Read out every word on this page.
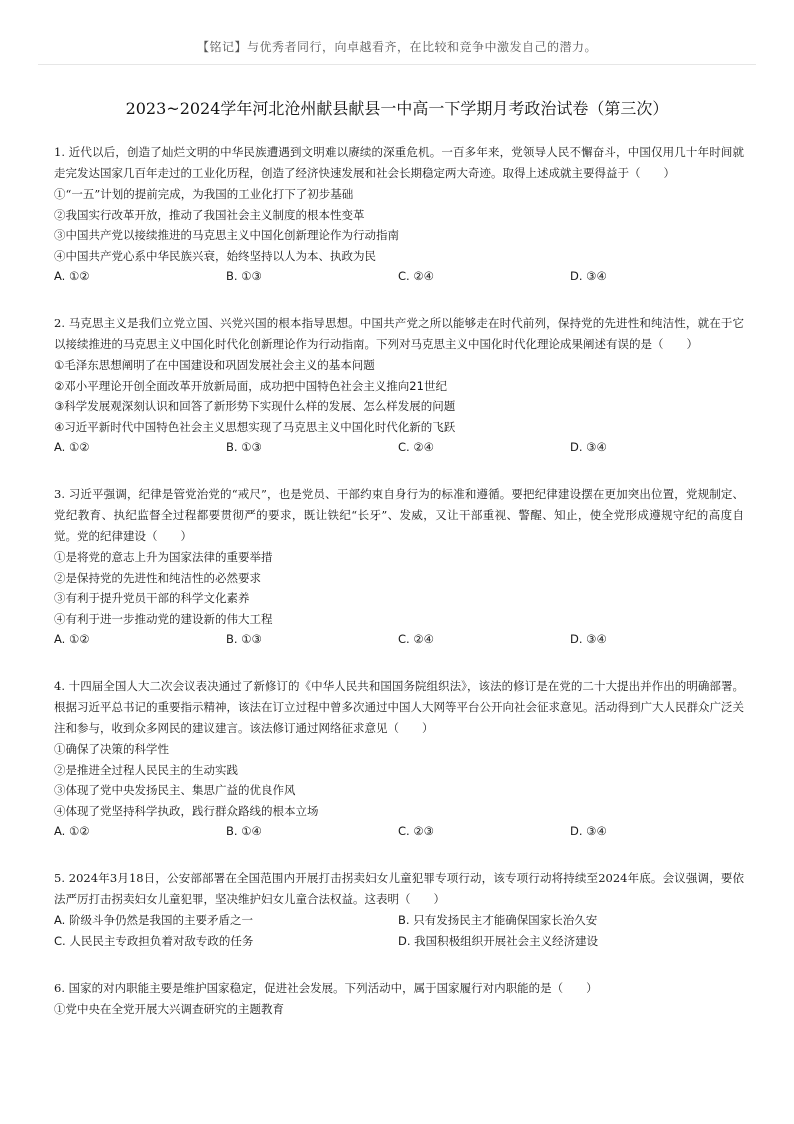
【铭记】与优秀者同行，向卓越看齐，在比较和竞争中激发自己的潜力。
2023~2024学年河北沧州献县献县一中高一下学期月考政治试卷（第三次）
1. 近代以后，创造了灿烂文明的中华民族遭遇到文明难以赓续的深重危机。一百多年来，党领导人民不懈奋斗，中国仅用几十年时间就走完发达国家几百年走过的工业化历程，创造了经济快速发展和社会长期稳定两大奇迹。取得上述成就主要得益于（　　）
①“一五”计划的提前完成，为我国的工业化打下了初步基础
②我国实行改革开放，推动了我国社会主义制度的根本性变革
③中国共产党以接续推进的马克思主义中国化创新理论作为行动指南
④中国共产党心系中华民族兴衰，始终坚持以人为本、执政为民
A. ①②	B. ①③	C. ②④	D. ③④
2. 马克思主义是我们立党立国、兴党兴国的根本指导思想。中国共产党之所以能够走在时代前列，保持党的先进性和纯洁性，就在于它以接续推进的马克思主义中国化时代化创新理论作为行动指南。下列对马克思主义中国化时代化理论成果阐述有误的是（　　）
①毛泽东思想阐明了在中国建设和巩固发展社会主义的基本问题
②邓小平理论开创全面改革开放新局面，成功把中国特色社会主义推向21世纪
③科学发展观深刻认识和回答了新形势下实现什么样的发展、怎么样发展的问题
④习近平新时代中国特色社会主义思想实现了马克思主义中国化时代化新的飞跃
A. ①②	B. ①③	C. ②④	D. ③④
3. 习近平强调，纪律是管党治党的“戒尺”，也是党员、干部约束自身行为的标准和遵循。要把纪律建设摆在更加突出位置，党规制定、党纪教育、执纪监督全过程都要贯彻严的要求，既让铁纪“长牙”、发威，又让干部重视、警醒、知止，使全党形成遵规守纪的高度自觉。党的纪律建设（　　）
①是将党的意志上升为国家法律的重要举措
②是保持党的先进性和纯洁性的必然要求
③有利于提升党员干部的科学文化素养
④有利于进一步推动党的建设新的伟大工程
A. ①②	B. ①③	C. ②④	D. ③④
4. 十四届全国人大二次会议表决通过了新修订的《中华人民共和国国务院组织法》，该法的修订是在党的二十大提出并作出的明确部署。根据习近平总书记的重要指示精神，该法在订立过程中曾多次通过中国人大网等平台公开向社会征求意见。活动得到广大人民群众广泛关注和参与，收到众多网民的建议建言。该法修订通过网络征求意见（　　）
①确保了决策的科学性
②是推进全过程人民民主的生动实践
③体现了党中央发扬民主、集思广益的优良作风
④体现了党坚持科学执政，践行群众路线的根本立场
A. ①②	B. ①④	C. ②③	D. ③④
5. 2024年3月18日，公安部部署在全国范围内开展打击拐卖妇女儿童犯罪专项行动，该专项行动将持续至2024年底。会议强调，要依法严厉打击拐卖妇女儿童犯罪，坚决维护妇女儿童合法权益。这表明（　　）
A. 阶级斗争仍然是我国的主要矛盾之一	B. 只有发扬民主才能确保国家长治久安
C. 人民民主专政担负着对敌专政的任务	D. 我国积极组织开展社会主义经济建设
6. 国家的对内职能主要是维护国家稳定，促进社会发展。下列活动中，属于国家履行对内职能的是（　　）
①党中央在全党开展大兴调查研究的主题教育
